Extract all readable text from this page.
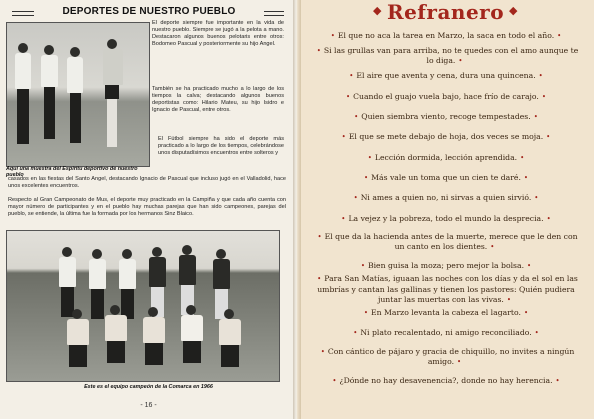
DEPORTES DE NUESTRO PUEBLO
Aquí una muestra del Espíritu deportivo de nuestro pueblo
El deporte siempre fue importante en la vida de nuestro pueblo. Siempre se jugó a la pelota a mano. Destacaron algunos buenos pelotaris entre otros: Bodomeo Pascual y posteriormente su hijo Angel.
También se ha practicado mucho a lo largo de los tiempos la calva; destacando algunos buenos deportistas como: Hilario Mateu, su hijo Isidro e Ignacio de Pascual, entre otros.
El Fútbol siempre ha sido el deporte más practicado a lo largo de los tiempos, celebrándose unos disputadísimos encuentros entre solteros y
casados en las fiestas del Santo Angel, destacando Ignacio de Pascual que incluso jugó en el Valladolid, hace unos excelentes encuentros.
Respecto al Gran Campeonato de Mus, el deporte muy practicado en la Campiña y que cada año cuenta con mayor número de participantes y en el pueblo hay muchas parejas que han sido campeones, parejas del pueblo, se entiende, la última fue la formada por los hermanos Sinz Blaico.
Este es el equipo campeón de la Comarca en 1966
- 16 -
◆ Refranero ◆
• El que no aca la tarea en Marzo, la saca en todo el año. •
• Si las grullas van para arriba, no te quedes con el amo aunque te lo diga. •
• El aire que aventa y cena, dura una quincena. •
• Cuando el guajo vuela bajo, hace frío de carajo. •
• Quien siembra viento, recoge tempestades. •
• El que se mete debajo de hoja, dos veces se moja. •
• Lección dormida, lección aprendida. •
• Más vale un toma que un cien te daré. •
• Ni ames a quien no, ni sirvas a quien sirvió. •
• La vejez y la pobreza, todo el mundo la desprecia. •
• El que da la hacienda antes de la muerte, merece que le den con un canto en los dientes. •
• Bien guisa la moza; pero mejor la bolsa. •
• Para San Matías, iguaan las noches con los días y da el sol en las umbrías y cantan las gallinas y tienen los pastores: Quién pudiera juntar las muertas con las vivas. •
• En Marzo levanta la cabeza el lagarto. •
• Ni plato recalentado, ni amigo reconciliado. •
• Con cántico de pájaro y gracia de chiquillo, no invites a ningún amigo. •
• ¿Dónde no hay desavenencia?, donde no hay herencia. •
